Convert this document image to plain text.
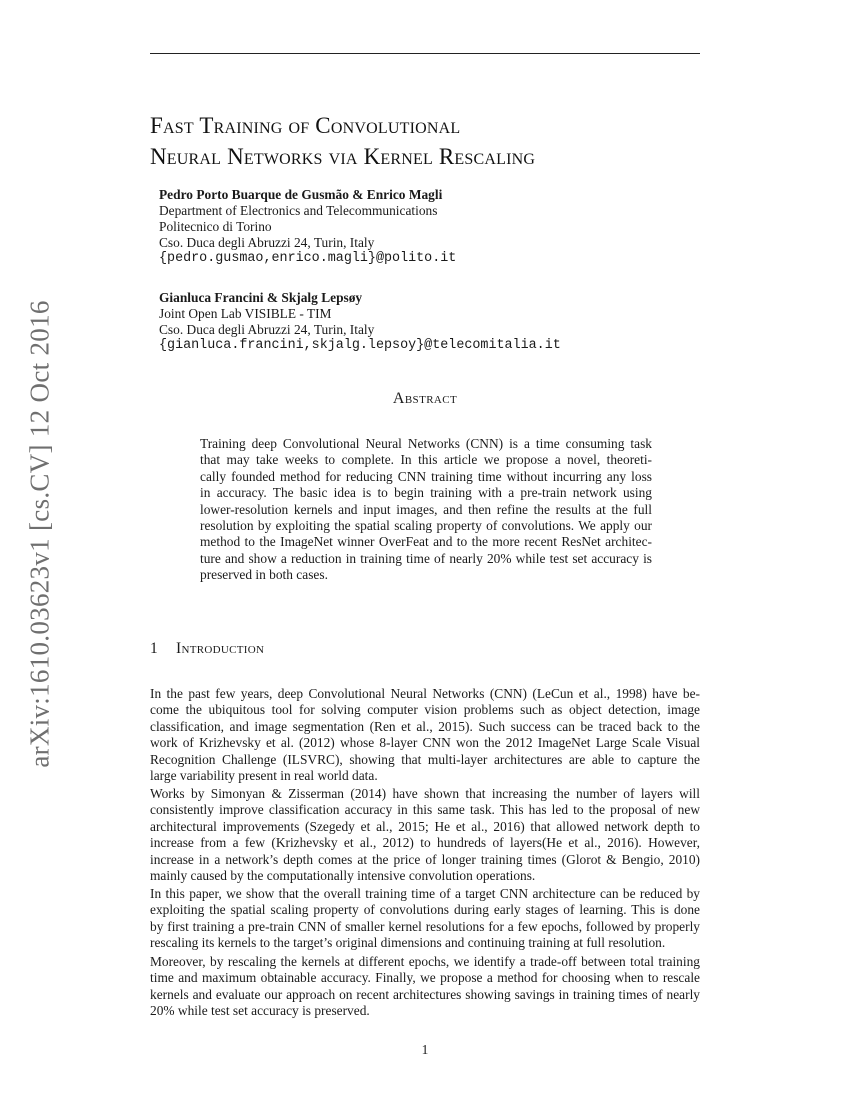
arXiv:1610.03623v1 [cs.CV] 12 Oct 2016
Fast Training of Convolutional
Neural Networks via Kernel Rescaling
Pedro Porto Buarque de Gusmão & Enrico Magli
Department of Electronics and Telecommunications
Politecnico di Torino
Cso. Duca degli Abruzzi 24, Turin, Italy
{pedro.gusmao,enrico.magli}@polito.it
Gianluca Francini & Skjalg Lepsøy
Joint Open Lab VISIBLE - TIM
Cso. Duca degli Abruzzi 24, Turin, Italy
{gianluca.francini,skjalg.lepsoy}@telecomitalia.it
Abstract
Training deep Convolutional Neural Networks (CNN) is a time consuming task
that may take weeks to complete. In this article we propose a novel, theoreti-
cally founded method for reducing CNN training time without incurring any loss
in accuracy. The basic idea is to begin training with a pre-train network using
lower-resolution kernels and input images, and then refine the results at the full
resolution by exploiting the spatial scaling property of convolutions. We apply our
method to the ImageNet winner OverFeat and to the more recent ResNet architec-
ture and show a reduction in training time of nearly 20% while test set accuracy is
preserved in both cases.
1 Introduction
In the past few years, deep Convolutional Neural Networks (CNN) (LeCun et al., 1998) have be-
come the ubiquitous tool for solving computer vision problems such as object detection, image
classification, and image segmentation (Ren et al., 2015). Such success can be traced back to the
work of Krizhevsky et al. (2012) whose 8-layer CNN won the 2012 ImageNet Large Scale Visual
Recognition Challenge (ILSVRC), showing that multi-layer architectures are able to capture the
large variability present in real world data.
Works by Simonyan & Zisserman (2014) have shown that increasing the number of layers will
consistently improve classification accuracy in this same task. This has led to the proposal of new
architectural improvements (Szegedy et al., 2015; He et al., 2016) that allowed network depth to
increase from a few (Krizhevsky et al., 2012) to hundreds of layers(He et al., 2016). However,
increase in a network’s depth comes at the price of longer training times (Glorot & Bengio, 2010)
mainly caused by the computationally intensive convolution operations.
In this paper, we show that the overall training time of a target CNN architecture can be reduced by
exploiting the spatial scaling property of convolutions during early stages of learning. This is done
by first training a pre-train CNN of smaller kernel resolutions for a few epochs, followed by properly
rescaling its kernels to the target’s original dimensions and continuing training at full resolution.
Moreover, by rescaling the kernels at different epochs, we identify a trade-off between total training
time and maximum obtainable accuracy. Finally, we propose a method for choosing when to rescale
kernels and evaluate our approach on recent architectures showing savings in training times of nearly
20% while test set accuracy is preserved.
1
